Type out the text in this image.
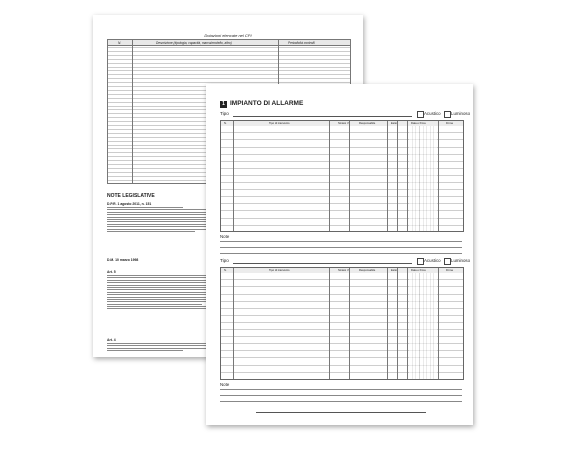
Dotazioni elencate nel CPI
N.	Descrizione (tipologia, capacità, marca/modello, altro)	Periodicità controlli
NOTE LEGISLATIVE
D.P.R. 1 agosto 2011, n. 151
D.M. 10 marzo 1998
Art. 5
Art. 4
1 IMPIANTO DI ALLARME
Tipo	Acustico Luminoso
N.	Tipo di intervento	Sintesi n°	Responsabile	Esito	Data e firma	Firma
Note
Tipo	Acustico Luminoso
N.	Tipo di intervento	Sintesi n°	Responsabile	Esito	Data e firma	Firma
Note
